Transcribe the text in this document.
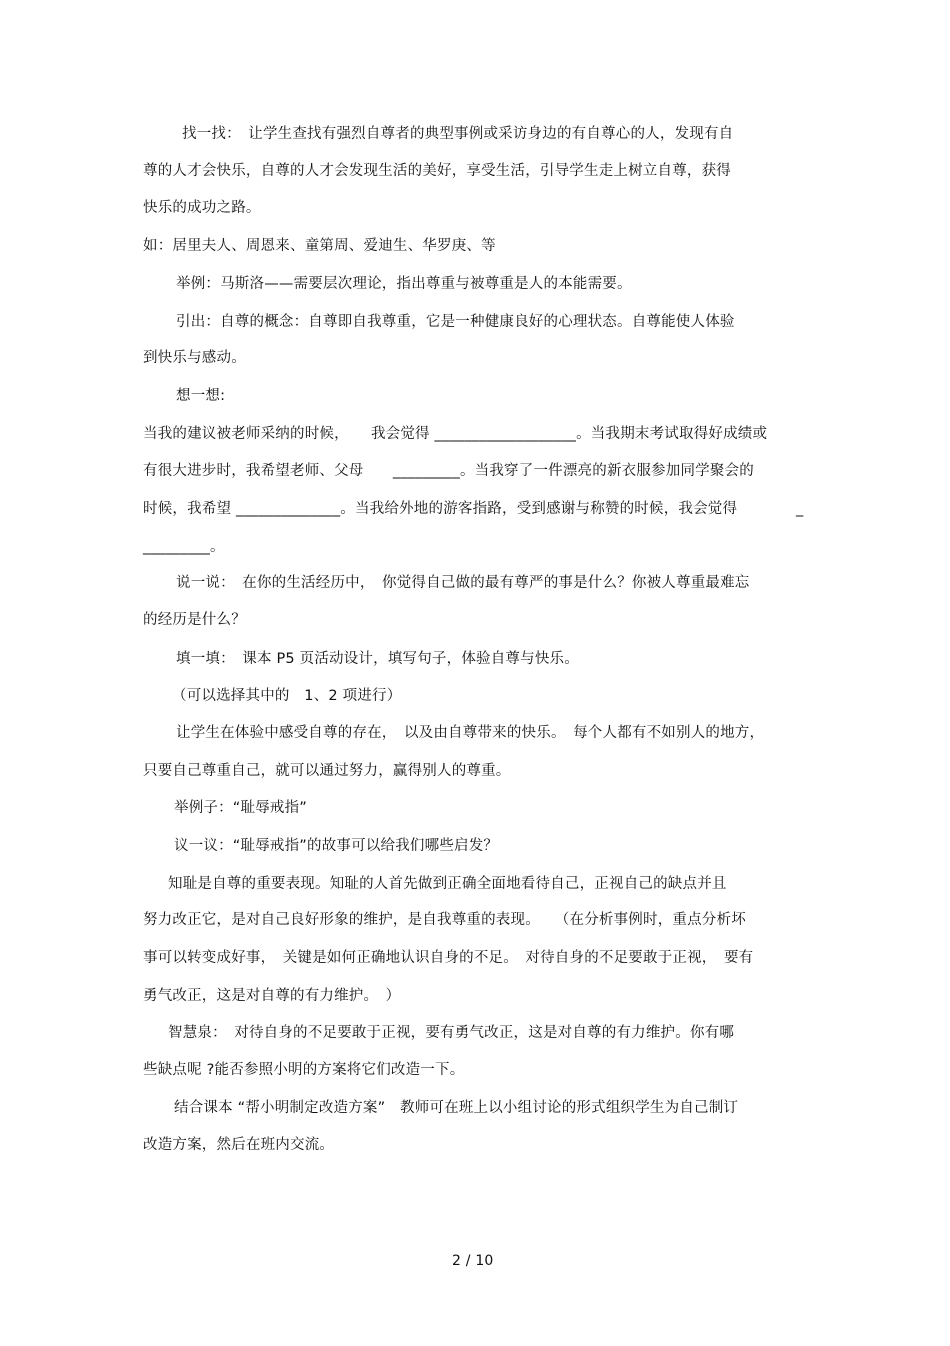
找一找：　让学生查找有强烈自尊者的典型事例或采访身边的有自尊心的人，发现有自
尊的人才会快乐，自尊的人才会发现生活的美好，享受生活，引导学生走上树立自尊，获得
快乐的成功之路。
如：居里夫人、周恩来、童第周、爱迪生、华罗庚、等
举例：马斯洛——需要层次理论，指出尊重与被尊重是人的本能需要。
引出：自尊的概念：自尊即自我尊重，它是一种健康良好的心理状态。自尊能使人体验
到快乐与感动。
想一想:
当我的建议被老师采纳的时候，　　我会觉得 ___________________。当我期末考试取得好成绩或
有很大进步时，我希望老师、父母　　_________。当我穿了一件漂亮的新衣服参加同学聚会的
时候，我希望 ______________。当我给外地的游客指路，受到感谢与称赞的时候，我会觉得　　　　_
_________。
说一说：　在你的生活经历中，　你觉得自己做的最有尊严的事是什么？你被人尊重最难忘
的经历是什么？
填一填：　课本 P5 页活动设计，填写句子，体验自尊与快乐。
（可以选择其中的　1、2 项进行）
让学生在体验中感受自尊的存在，　以及由自尊带来的快乐。　每个人都有不如别人的地方，
只要自己尊重自己，就可以通过努力，赢得别人的尊重。
举例子：“耻辱戒指”
议一议：“耻辱戒指”的故事可以给我们哪些启发？
知耻是自尊的重要表现。知耻的人首先做到正确全面地看待自己，正视自己的缺点并且
努力改正它，是对自己良好形象的维护，是自我尊重的表现。　　（在分析事例时，重点分析坏
事可以转变成好事，　关键是如何正确地认识自身的不足。　对待自身的不足要敢于正视，　要有
勇气改正，这是对自尊的有力维护。　）
智慧泉：　对待自身的不足要敢于正视，要有勇气改正，这是对自尊的有力维护。你有哪
些缺点呢 ?能否参照小明的方案将它们改造一下。
结合课本 “帮小明制定改造方案”　教师可在班上以小组讨论的形式组织学生为自己制订
改造方案，然后在班内交流。
2 / 10
